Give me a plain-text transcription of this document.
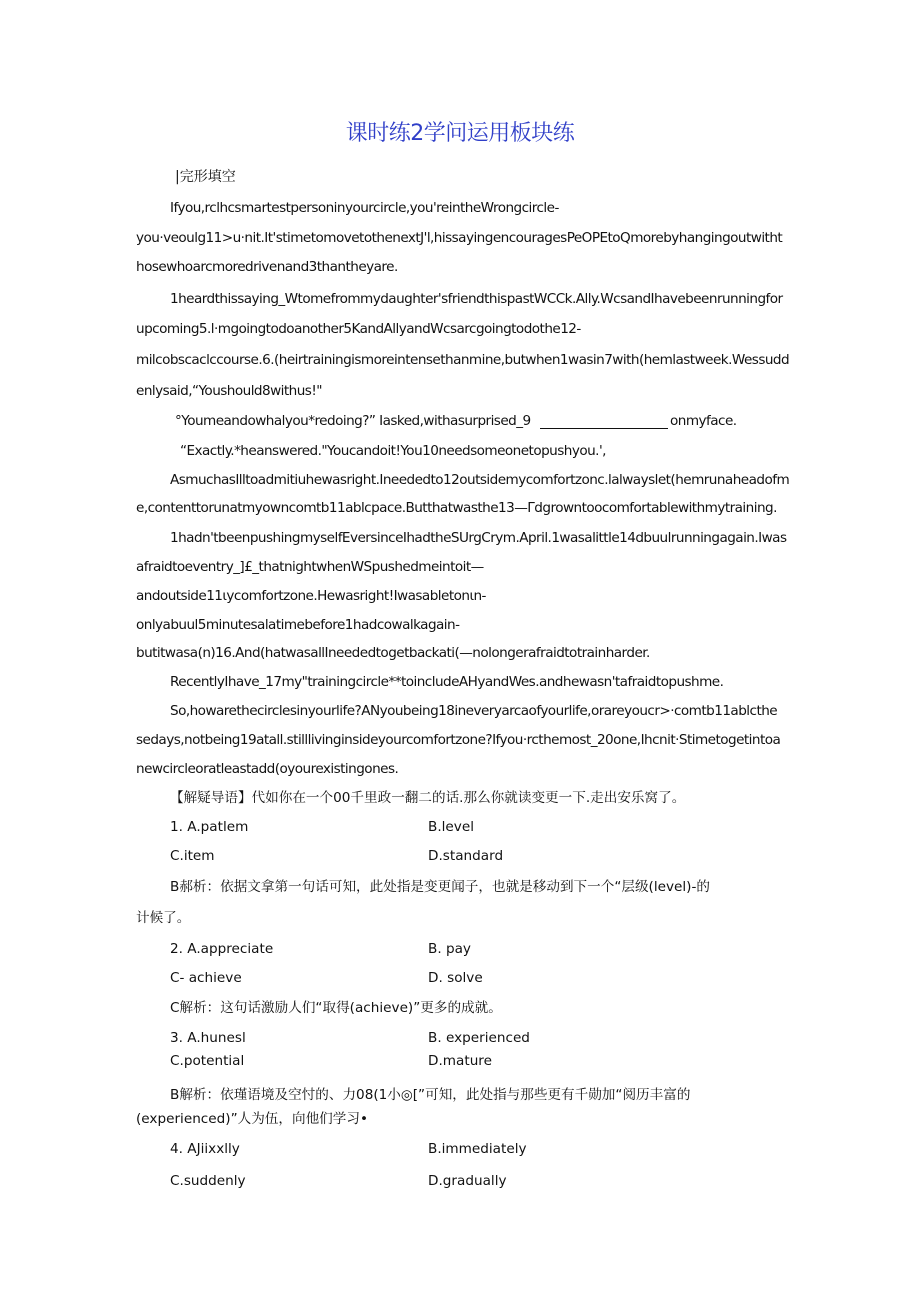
课时练2学问运用板块练
|完形填空
Ifyou,rclhcsmartestpersoninyourcircle,you'reintheWrongcircle-
you·veoulg11>u·nit.It'stimetomovetothenextJ'l,hissayingencouragesPeOPEtoQmorebyhangingoutwitht
hosewhoarcmoredrivenand3thantheyare.
1heardthissaying_Wtomefrommydaughter'sfriendthispastWCCk.Ally.WcsandIhavebeenrunningfor
upcoming5.l·mgoingtodoanother5KandAllyandWcsarcgoingtodothe12-
milcobscaclccourse.6.(heirtrainingismoreintensethanmine,butwhen1wasin7with(hemlastweek.Wessudd
enlysaid,“Youshould8withus!"
°Youmeandowhalyou*redoing?” Iasked,withasurprised_9	onmyface.
“Exactly.*heanswered."Youcandoit!You10needsomeonetopushyou.',
AsmuchasIlltoadmitiuhewasright.Ineededto12outsidemycomfortzonc.lalwayslet(hemrunaheadofm
e,contenttorunatmyowncomtb11ablcpace.Butthatwasthe13—Γdgrowntoocomfortablewithmytraining.
1hadn'tbeenpushingmyselfEversinceIhadtheSUrgCrym.April.1wasalittle14dbuulrunningagain.Iwas
afraidtoeventry_]£_thatnightwhenWSpushedmeintoit—
andoutside11ιycomfortzone.Hewasright!Iwasabletonιn-
onlyabuul5minutesalatimebefore1hadcowalkagain-
butitwasa(n)16.And(hatwasallIneededtogetbackati(—nolongerafraidtotrainharder.
RecentlyIhave_17my"trainingcircle**toincludeAHyandWes.andhewasn'tafraidtopushme.
So,howarethecirclesinyourlife?ANyoubeing18ineveryarcaofyourlife,orareyoucr>·comtb11ablcthe
sedays,notbeing19atall.stilllivinginsideyourcomfortzone?Ifyou·rcthemost_20one,Ihcnit·Stimetogetintoa
newcircleoratleastadd(oyourexistingones.
【解疑导语】代如你在一个00千里政一翻二的话.那么你就读变更一下.走出安乐窝了。
1. A.patlem	B.level
C.item	D.standard
B郝析：依据文拿第一句话可知，此处指是变更闻子，也就是移动到下一个“层级(level)-的
计候了。
2. A.appreciate	B. pay
C- achieve	D. solve
C解析：这句话激励人们“取得(achieve)”更多的成就。
3. A.hunesl	B. experienced
C.potential	D.mature
B解析：依瑾语境及空忖的、力08(1小◎[”可知，此处指与那些更有千勋加“阅历丰富的
(experienced)”人为伍，向他们学习•
4. AJiixxlly	B.immediately
C.suddenly	D.gradually
